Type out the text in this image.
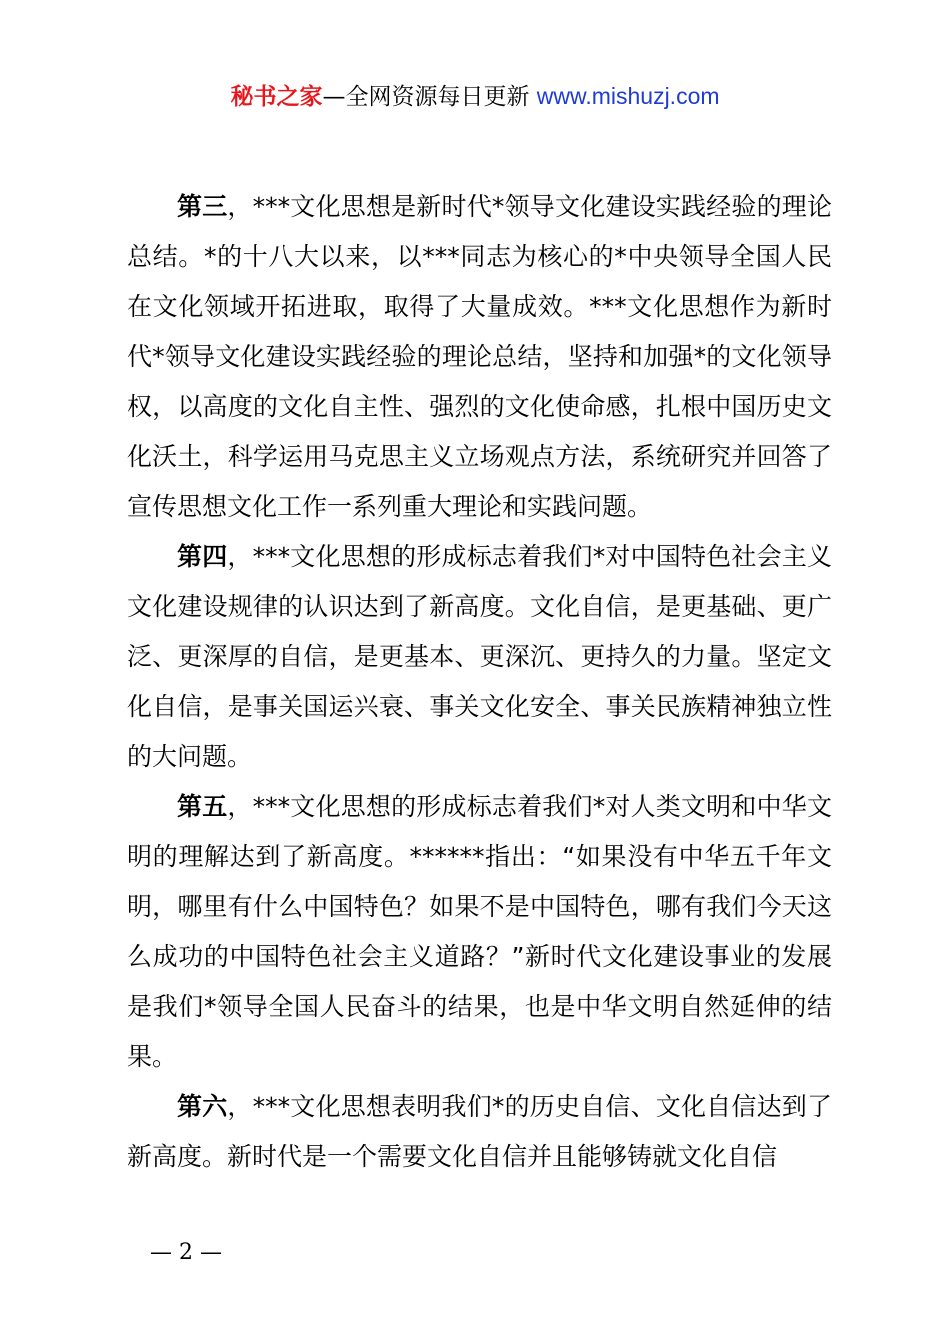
秘书之家—全网资源每日更新 www.mishuzj.com

第三，***文化思想是新时代*领导文化建设实践经验的理论总结。*的十八大以来，以***同志为核心的*中央领导全国人民在文化领域开拓进取，取得了大量成效。***文化思想作为新时代*领导文化建设实践经验的理论总结，坚持和加强*的文化领导权，以高度的文化自主性、强烈的文化使命感，扎根中国历史文化沃土，科学运用马克思主义立场观点方法，系统研究并回答了宣传思想文化工作一系列重大理论和实践问题。

第四，***文化思想的形成标志着我们*对中国特色社会主义文化建设规律的认识达到了新高度。文化自信，是更基础、更广泛、更深厚的自信，是更基本、更深沉、更持久的力量。坚定文化自信，是事关国运兴衰、事关文化安全、事关民族精神独立性的大问题。

第五，***文化思想的形成标志着我们*对人类文明和中华文明的理解达到了新高度。******指出：“如果没有中华五千年文明，哪里有什么中国特色？如果不是中国特色，哪有我们今天这么成功的中国特色社会主义道路？”新时代文化建设事业的发展是我们*领导全国人民奋斗的结果，也是中华文明自然延伸的结果。

第六，***文化思想表明我们*的历史自信、文化自信达到了新高度。新时代是一个需要文化自信并且能够铸就文化自信

— 2 —
